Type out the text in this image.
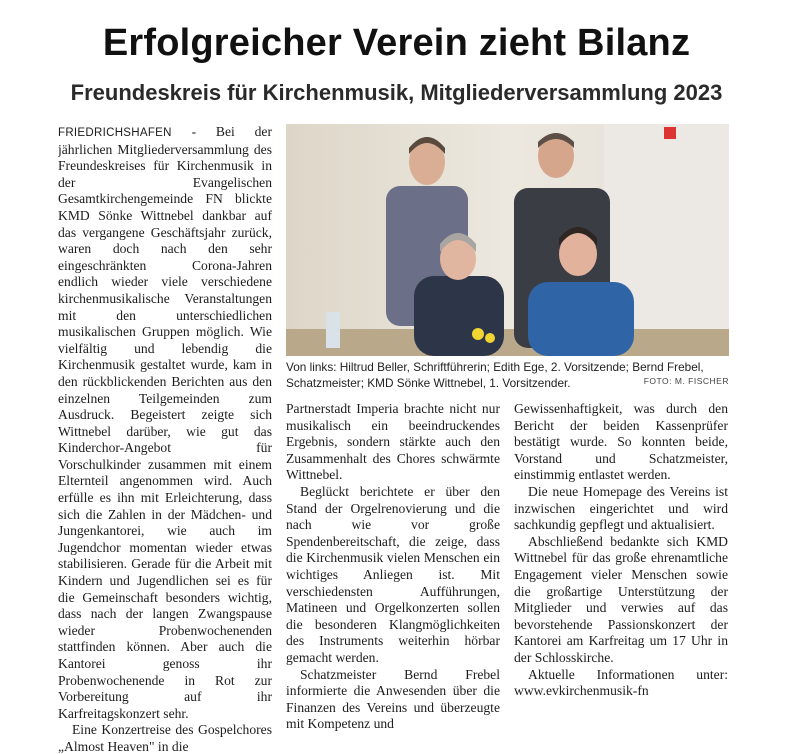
Erfolgreicher Verein zieht Bilanz
Freundeskreis für Kirchenmusik, Mitgliederversammlung 2023

FRIEDRICHSHAFEN - Bei der jährlichen Mitgliederversammlung des Freundeskreises für Kirchenmusik in der Evangelischen Gesamtkirchengemeinde FN blickte KMD Sönke Wittnebel dankbar auf das vergangene Geschäftsjahr zurück, waren doch nach den sehr eingeschränkten Corona-Jahren endlich wieder viele verschiedene kirchenmusikalische Veranstaltungen mit den unterschiedlichen musikalischen Gruppen möglich. Wie vielfältig und lebendig die Kirchenmusik gestaltet wurde, kam in den rückblickenden Berichten aus den einzelnen Teilgemeinden zum Ausdruck. Begeistert zeigte sich Wittnebel darüber, wie gut das Kinderchor-Angebot für Vorschulkinder zusammen mit einem Elternteil angenommen wird. Auch erfülle es ihn mit Erleichterung, dass sich die Zahlen in der Mädchen- und Jungenkantorei, wie auch im Jugendchor momentan wieder etwas stabilisieren. Gerade für die Arbeit mit Kindern und Jugendlichen sei es für die Gemeinschaft besonders wichtig, dass nach der langen Zwangspause wieder Probenwochenenden stattfinden können. Aber auch die Kantorei genoss ihr Probenwochenende in Rot zur Vorbereitung auf ihr Karfreitagskonzert sehr.

Eine Konzertreise des Gospelchores „Almost Heaven" in die

Von links: Hiltrud Beller, Schriftführerin; Edith Ege, 2. Vorsitzende; Bernd Frebel, Schatzmeister; KMD Sönke Wittnebel, 1. Vorsitzender.	FOTO: M. FISCHER

Partnerstadt Imperia brachte nicht nur musikalisch ein beeindruckendes Ergebnis, sondern stärkte auch den Zusammenhalt des Chores schwärmte Wittnebel.

Beglückt berichtete er über den Stand der Orgelrenovierung und die nach wie vor große Spendenbereitschaft, die zeige, dass die Kirchenmusik vielen Menschen ein wichtiges Anliegen ist. Mit verschiedensten Aufführungen, Matineen und Orgelkonzerten sollen die besonderen Klangmöglichkeiten des Instruments weiterhin hörbar gemacht werden.

Schatzmeister Bernd Frebel informierte die Anwesenden über die Finanzen des Vereins und überzeugte mit Kompetenz und

Gewissenhaftigkeit, was durch den Bericht der beiden Kassenprüfer bestätigt wurde. So konnten beide, Vorstand und Schatzmeister, einstimmig entlastet werden.

Die neue Homepage des Vereins ist inzwischen eingerichtet und wird sachkundig gepflegt und aktualisiert.

Abschließend bedankte sich KMD Wittnebel für das große ehrenamtliche Engagement vieler Menschen sowie die großartige Unterstützung der Mitglieder und verwies auf das bevorstehende Passionskonzert der Kantorei am Karfreitag um 17 Uhr in der Schlosskirche.

Aktuelle Informationen unter: www.evkirchenmusik-fn
